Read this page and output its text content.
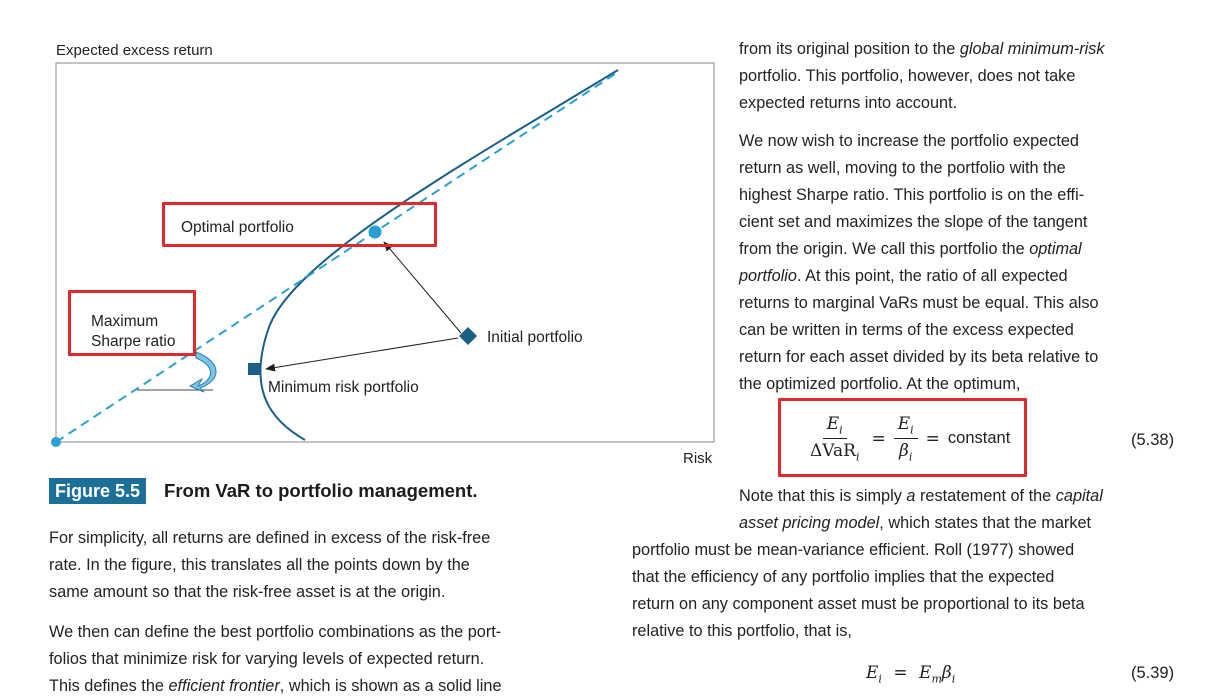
Expected excess return
Risk
Optimal portfolio
Maximum
Sharpe ratio	Initial portfolio
Minimum risk portfolio
Figure 5.5	From VaR to portfolio management.
For simplicity, all returns are defined in excess of the risk-free
rate. In the figure, this translates all the points down by the
same amount so that the risk-free asset is at the origin.
We then can define the best portfolio combinations as the port-
folios that minimize risk for varying levels of expected return.
This defines the efficient frontier, which is shown as a solid line
from its original position to the global minimum-risk
portfolio. This portfolio, however, does not take
expected returns into account.
We now wish to increase the portfolio expected
return as well, moving to the portfolio with the
highest Sharpe ratio. This portfolio is on the effi-
cient set and maximizes the slope of the tangent
from the origin. We call this portfolio the optimal
portfolio. At this point, the ratio of all expected
returns to marginal VaRs must be equal. This also
can be written in terms of the excess expected
return for each asset divided by its beta relative to
the optimized portfolio. At the optimum,
$\frac{E_i}{\Delta VaR_i} = \frac{E_i}{\beta_i}$ = constant	(5.38)
Note that this is simply a restatement of the capital
asset pricing model, which states that the market
portfolio must be mean-variance efficient. Roll (1977) showed
that the efficiency of any portfolio implies that the expected
return on any component asset must be proportional to its beta
relative to this portfolio, that is,
$E_i = E_m\beta_i$	(5.39)
